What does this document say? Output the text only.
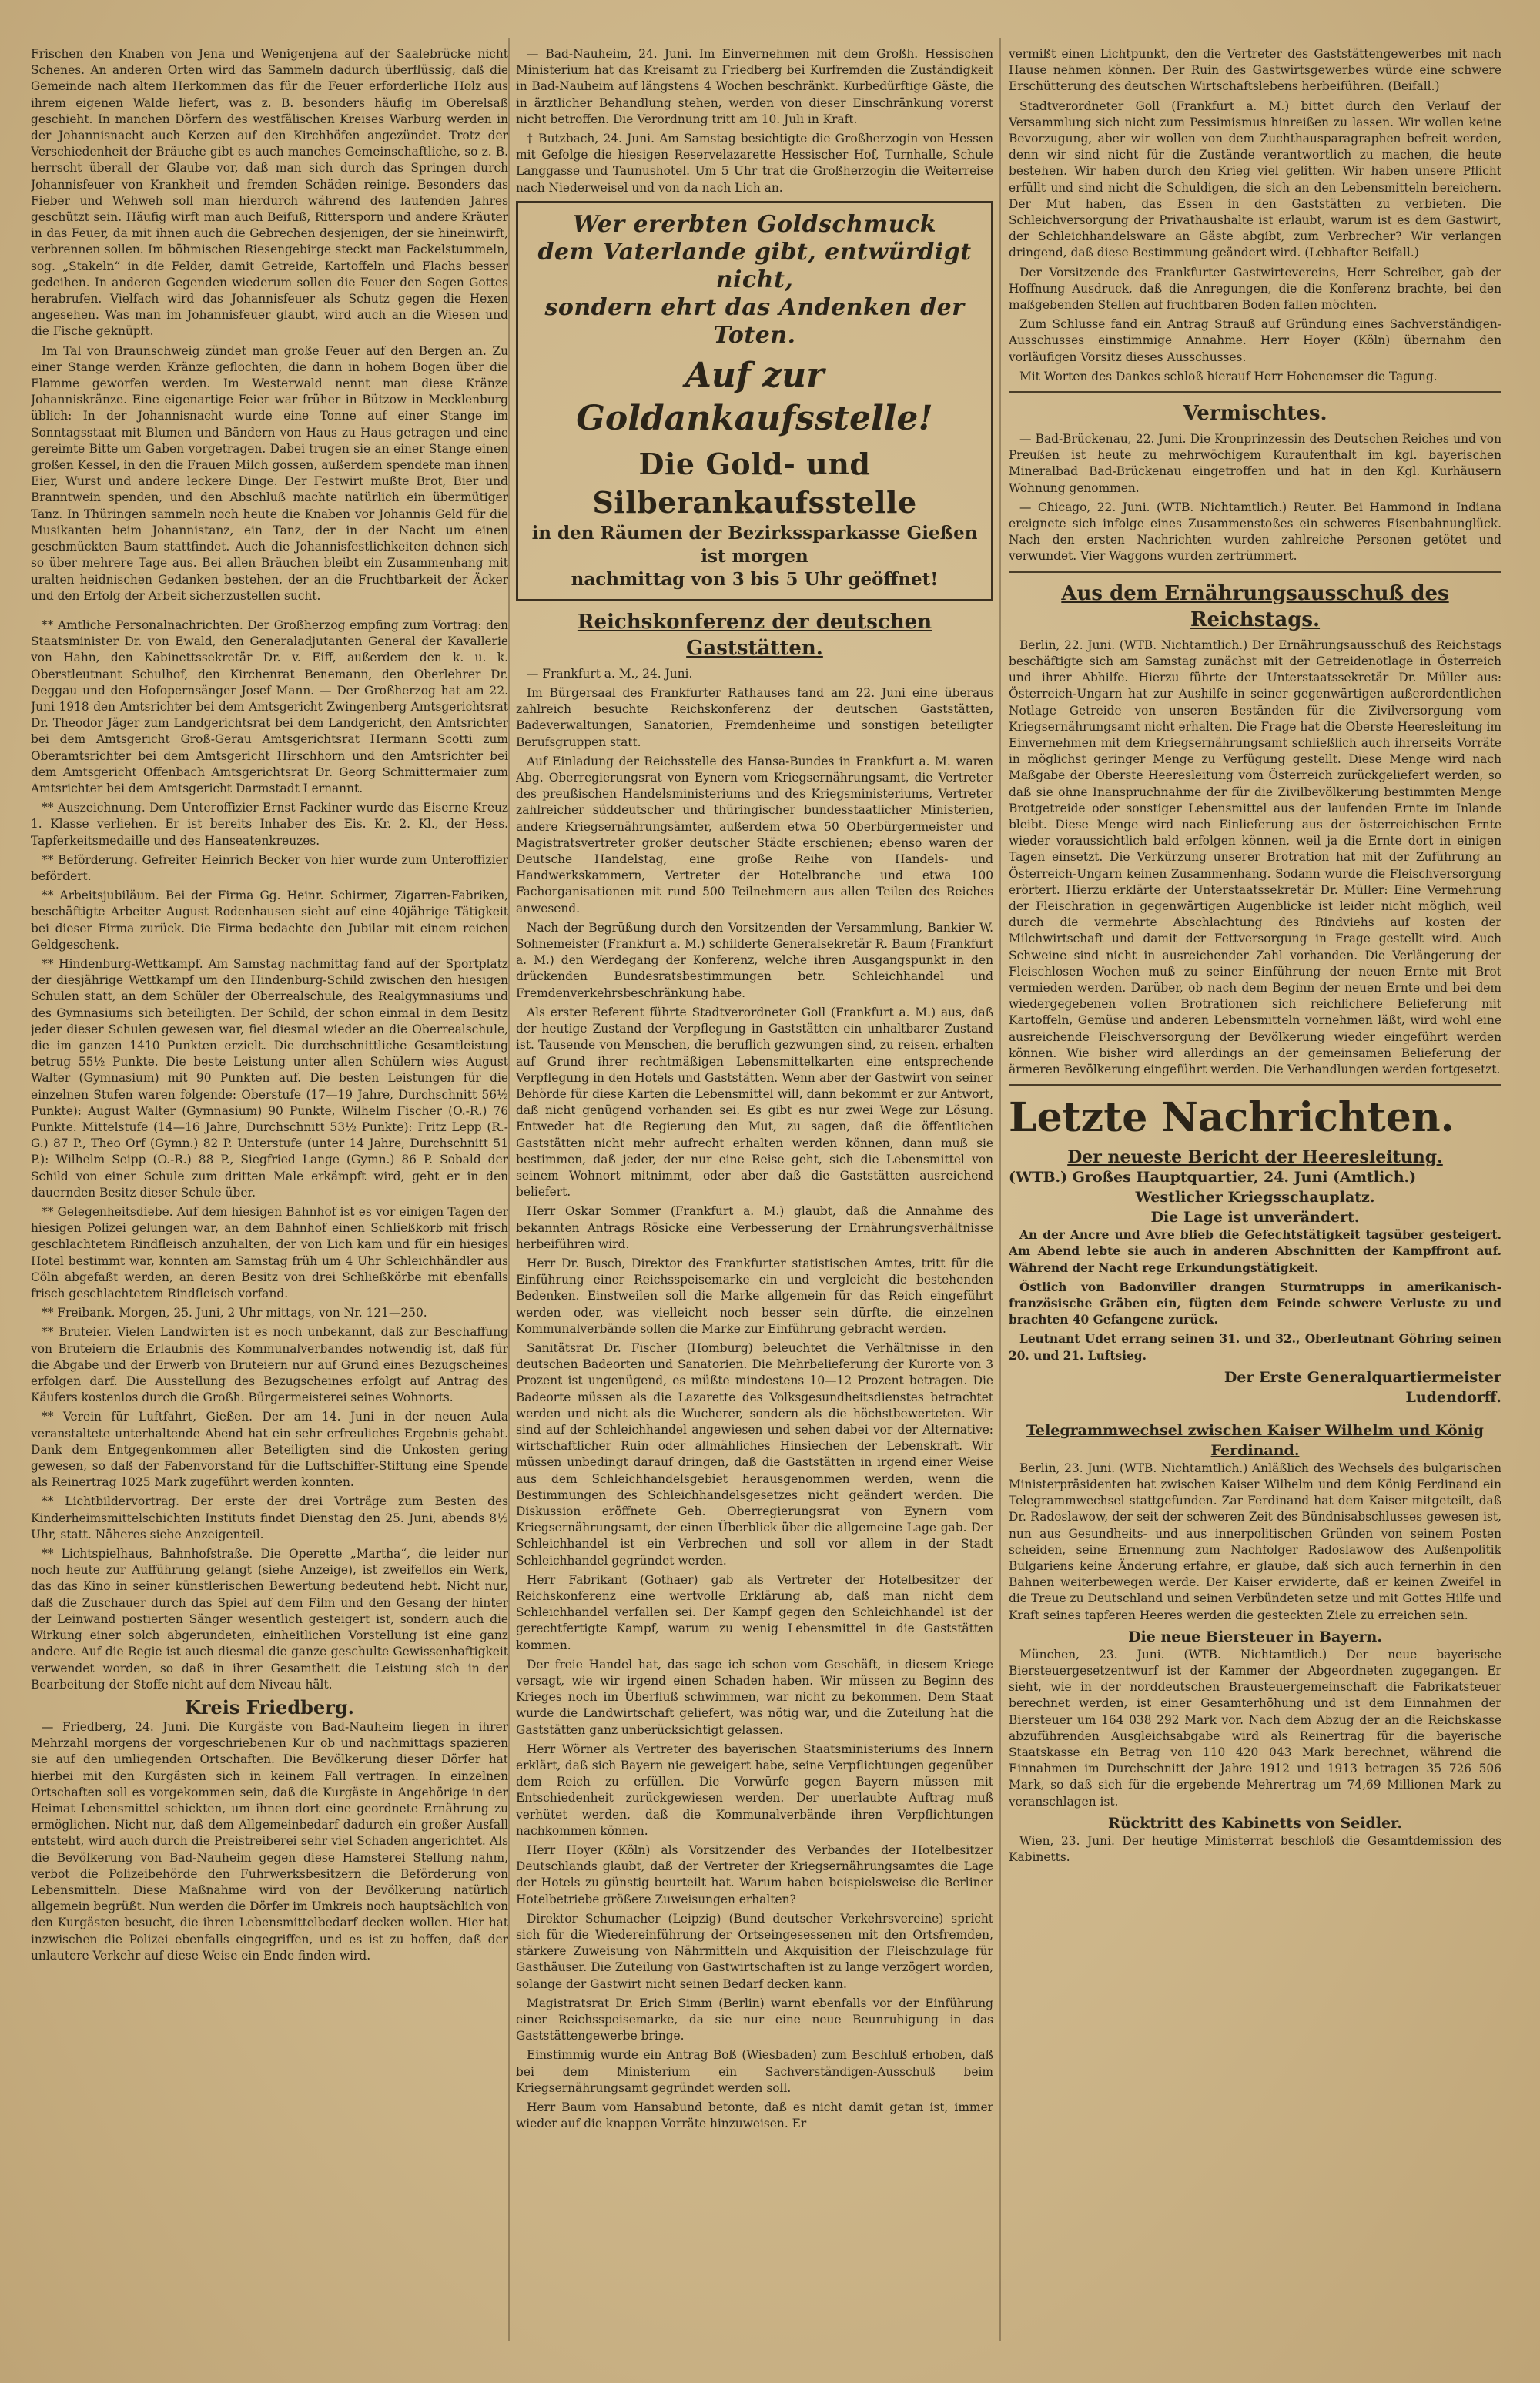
Frischen den Knaben von Jena und Wenigenjena auf der Saalebrücke nicht Schenes. An anderen Orten wird das Sammeln dadurch überflüssig, daß die Gemeinde nach altem Herkommen das für die Feuer erforderliche Holz aus ihrem eigenen Walde liefert, was z. B. besonders häufig im Oberelsaß geschieht. In manchen Dörfern des westfälischen Kreises Warburg werden in der Johannisnacht auch Kerzen auf den Kirchhöfen angezündet. Trotz der Verschiedenheit der Bräuche gibt es auch manches Gemeinschaftliche, so z. B. herrscht überall der Glaube vor, daß man sich durch das Springen durch Johannisfeuer von Krankheit und fremden Schäden reinige. Besonders das Fieber und Wehweh soll man hierdurch während des laufenden Jahres geschützt sein. Häufig wirft man auch Beifuß, Rittersporn und andere Kräuter in das Feuer, da mit ihnen auch die Gebrechen desjenigen, der sie hineinwirft, verbrennen sollen. Im böhmischen Riesengebirge steckt man Fackelstummeln, sog. „Stakeln“ in die Felder, damit Getreide, Kartoffeln und Flachs besser gedeihen. In anderen Gegenden wiederum sollen die Feuer den Segen Gottes herabrufen. Vielfach wird das Johannisfeuer als Schutz gegen die Hexen angesehen. Was man im Johannisfeuer glaubt, wird auch an die Wiesen und die Fische geknüpft.

Im Tal von Braunschweig zündet man große Feuer auf den Bergen an. Zu einer Stange werden Kränze geflochten, die dann in hohem Bogen über die Flamme geworfen werden. Im Westerwald nennt man diese Kränze Johanniskränze. Eine eigenartige Feier war früher in Bützow in Mecklenburg üblich: In der Johannisnacht wurde eine Tonne auf einer Stange im Sonntagsstaat mit Blumen und Bändern von Haus zu Haus getragen und eine gereimte Bitte um Gaben vorgetragen. Dabei trugen sie an einer Stange einen großen Kessel, in den die Frauen Milch gossen, außerdem spendete man ihnen Eier, Wurst und andere leckere Dinge. Der Festwirt mußte Brot, Bier und Branntwein spenden, und den Abschluß machte natürlich ein übermütiger Tanz. In Thüringen sammeln noch heute die Knaben vor Johannis Geld für die Musikanten beim Johannistanz, ein Tanz, der in der Nacht um einen geschmückten Baum stattfindet. Auch die Johannisfestlichkeiten dehnen sich so über mehrere Tage aus. Bei allen Bräuchen bleibt ein Zusammenhang mit uralten heidnischen Gedanken bestehen, der an die Fruchtbarkeit der Äcker und den Erfolg der Arbeit sicherzustellen sucht.

** Amtliche Personalnachrichten. Der Großherzog empfing zum Vortrag: den Staatsminister Dr. von Ewald, den Generaladjutanten General der Kavallerie von Hahn, den Kabinettssekretär Dr. v. Eiff, außerdem den k. u. k. Oberstleutnant Schulhof, den Kirchenrat Benemann, den Oberlehrer Dr. Deggau und den Hofopernsänger Josef Mann. — Der Großherzog hat am 22. Juni 1918 den Amtsrichter bei dem Amtsgericht Zwingenberg Amtsgerichtsrat Dr. Theodor Jäger zum Landgerichtsrat bei dem Landgericht, den Amtsrichter bei dem Amtsgericht Groß-Gerau Amtsgerichtsrat Hermann Scotti zum Oberamtsrichter bei dem Amtsgericht Hirschhorn und den Amtsrichter bei dem Amtsgericht Offenbach Amtsgerichtsrat Dr. Georg Schmittermaier zum Amtsrichter bei dem Amtsgericht Darmstadt I ernannt.

** Auszeichnung. Dem Unteroffizier Ernst Fackiner wurde das Eiserne Kreuz 1. Klasse verliehen. Er ist bereits Inhaber des Eis. Kr. 2. Kl., der Hess. Tapferkeitsmedaille und des Hanseatenkreuzes.

** Beförderung. Gefreiter Heinrich Becker von hier wurde zum Unteroffizier befördert.

** Arbeitsjubiläum. Bei der Firma Gg. Heinr. Schirmer, Zigarren-Fabriken, beschäftigte Arbeiter August Rodenhausen sieht auf eine 40jährige Tätigkeit bei dieser Firma zurück. Die Firma bedachte den Jubilar mit einem reichen Geldgeschenk.

** Hindenburg-Wettkampf. Am Samstag nachmittag fand auf der Sportplatz der diesjährige Wettkampf um den Hindenburg-Schild zwischen den hiesigen Schulen statt, an dem Schüler der Oberrealschule, des Realgymnasiums und des Gymnasiums sich beteiligten. Der Schild, der schon einmal in dem Besitz jeder dieser Schulen gewesen war, fiel diesmal wieder an die Oberrealschule, die im ganzen 1410 Punkten erzielt. Die durchschnittliche Gesamtleistung betrug 55½ Punkte. Die beste Leistung unter allen Schülern wies August Walter (Gymnasium) mit 90 Punkten auf. Die besten Leistungen für die einzelnen Stufen waren folgende: Oberstufe (17—19 Jahre, Durchschnitt 56½ Punkte): August Walter (Gymnasium) 90 Punkte, Wilhelm Fischer (O.-R.) 76 Punkte. Mittelstufe (14—16 Jahre, Durchschnitt 53½ Punkte): Fritz Lepp (R.-G.) 87 P., Theo Orf (Gymn.) 82 P. Unterstufe (unter 14 Jahre, Durchschnitt 51 P.): Wilhelm Seipp (O.-R.) 88 P., Siegfried Lange (Gymn.) 86 P. Sobald der Schild von einer Schule zum dritten Male erkämpft wird, geht er in den dauernden Besitz dieser Schule über.

** Gelegenheitsdiebe. Auf dem hiesigen Bahnhof ist es vor einigen Tagen der hiesigen Polizei gelungen war, an dem Bahnhof einen Schließkorb mit frisch geschlachtetem Rindfleisch anzuhalten, der von Lich kam und für ein hiesiges Hotel bestimmt war, konnten am Samstag früh um 4 Uhr Schleichhändler aus Cöln abgefaßt werden, an deren Besitz von drei Schließkörbe mit ebenfalls frisch geschlachtetem Rindfleisch vorfand.

** Freibank. Morgen, 25. Juni, 2 Uhr mittags, von Nr. 121—250.

** Bruteier. Vielen Landwirten ist es noch unbekannt, daß zur Beschaffung von Bruteiern die Erlaubnis des Kommunalverbandes notwendig ist, daß für die Abgabe und der Erwerb von Bruteiern nur auf Grund eines Bezugscheines erfolgen darf. Die Ausstellung des Bezugscheines erfolgt auf Antrag des Käufers kostenlos durch die Großh. Bürgermeisterei seines Wohnorts.

** Verein für Luftfahrt, Gießen. Der am 14. Juni in der neuen Aula veranstaltete unterhaltende Abend hat ein sehr erfreuliches Ergebnis gehabt. Dank dem Entgegenkommen aller Beteiligten sind die Unkosten gering gewesen, so daß der Fabenvorstand für die Luftschiffer-Stiftung eine Spende als Reinertrag 1025 Mark zugeführt werden konnten.

** Lichtbildervortrag. Der erste der drei Vorträge zum Besten des Kinderheimsmittelschichten Instituts findet Dienstag den 25. Juni, abends 8½ Uhr, statt. Näheres siehe Anzeigenteil.

** Lichtspielhaus, Bahnhofstraße. Die Operette „Martha“, die leider nur noch heute zur Aufführung gelangt (siehe Anzeige), ist zweifellos ein Werk, das das Kino in seiner künstlerischen Bewertung bedeutend hebt. Nicht nur, daß die Zuschauer durch das Spiel auf dem Film und den Gesang der hinter der Leinwand postierten Sänger wesentlich gesteigert ist, sondern auch die Wirkung einer solch abgerundeten, einheitlichen Vorstellung ist eine ganz andere. Auf die Regie ist auch diesmal die ganze geschulte Gewissenhaftigkeit verwendet worden, so daß in ihrer Gesamtheit die Leistung sich in der Bearbeitung der Stoffe nicht auf dem Niveau hält.

Kreis Friedberg.

— Friedberg, 24. Juni. Die Kurgäste von Bad-Nauheim liegen in ihrer Mehrzahl morgens der vorgeschriebenen Kur ob und nachmittags spazieren sie auf den umliegenden Ortschaften. Die Bevölkerung dieser Dörfer hat hierbei mit den Kurgästen sich in keinem Fall vertragen. In einzelnen Ortschaften soll es vorgekommen sein, daß die Kurgäste in Angehörige in der Heimat Lebensmittel schickten, um ihnen dort eine geordnete Ernährung zu ermöglichen. Nicht nur, daß dem Allgemeinbedarf dadurch ein großer Ausfall entsteht, wird auch durch die Preistreiberei sehr viel Schaden angerichtet. Als die Bevölkerung von Bad-Nauheim gegen diese Hamsterei Stellung nahm, verbot die Polizeibehörde den Fuhrwerksbesitzern die Beförderung von Lebensmitteln. Diese Maßnahme wird von der Bevölkerung natürlich allgemein begrüßt. Nun werden die Dörfer im Umkreis noch hauptsächlich von den Kurgästen besucht, die ihren Lebensmittelbedarf decken wollen. Hier hat inzwischen die Polizei ebenfalls eingegriffen, und es ist zu hoffen, daß der unlautere Verkehr auf diese Weise ein Ende finden wird.

— Bad-Nauheim, 24. Juni. Im Einvernehmen mit dem Großh. Hessischen Ministerium hat das Kreisamt zu Friedberg bei Kurfremden die Zuständigkeit in Bad-Nauheim auf längstens 4 Wochen beschränkt. Kurbedürftige Gäste, die in ärztlicher Behandlung stehen, werden von dieser Einschränkung vorerst nicht betroffen. Die Verordnung tritt am 10. Juli in Kraft.

† Butzbach, 24. Juni. Am Samstag besichtigte die Großherzogin von Hessen mit Gefolge die hiesigen Reservelazarette Hessischer Hof, Turnhalle, Schule Langgasse und Taunushotel. Um 5 Uhr trat die Großherzogin die Weiterreise nach Niederweisel und von da nach Lich an.

Wer ererbten Goldschmuck
dem Vaterlande gibt, entwürdigt nicht,
sondern ehrt das Andenken der Toten.
Auf zur Goldankaufsstelle!
Die Gold- und Silberankaufsstelle
in den Räumen der Bezirkssparkasse Gießen ist morgen
nachmittag von 3 bis 5 Uhr geöffnet!
Reichskonferenz der deutschen Gaststätten.

— Frankfurt a. M., 24. Juni.

Im Bürgersaal des Frankfurter Rathauses fand am 22. Juni eine überaus zahlreich besuchte Reichskonferenz der deutschen Gaststätten, Badeverwaltungen, Sanatorien, Fremdenheime und sonstigen beteiligter Berufsgruppen statt.

Auf Einladung der Reichsstelle des Hansa-Bundes in Frankfurt a. M. waren Abg. Oberregierungsrat von Eynern vom Kriegsernährungsamt, die Vertreter des preußischen Handelsministeriums und des Kriegsministeriums, Vertreter zahlreicher süddeutscher und thüringischer bundesstaatlicher Ministerien, andere Kriegsernährungsämter, außerdem etwa 50 Oberbürgermeister und Magistratsvertreter großer deutscher Städte erschienen; ebenso waren der Deutsche Handelstag, eine große Reihe von Handels- und Handwerkskammern, Vertreter der Hotelbranche und etwa 100 Fachorganisationen mit rund 500 Teilnehmern aus allen Teilen des Reiches anwesend.

Nach der Begrüßung durch den Vorsitzenden der Versammlung, Bankier W. Sohnemeister (Frankfurt a. M.) schilderte Generalsekretär R. Baum (Frankfurt a. M.) den Werdegang der Konferenz, welche ihren Ausgangspunkt in den drückenden Bundesratsbestimmungen betr. Schleichhandel und Fremdenverkehrsbeschränkung habe.

Als erster Referent führte Stadtverordneter Goll (Frankfurt a. M.) aus, daß der heutige Zustand der Verpflegung in Gaststätten ein unhaltbarer Zustand ist. Tausende von Menschen, die beruflich gezwungen sind, zu reisen, erhalten auf Grund ihrer rechtmäßigen Lebensmittelkarten eine entsprechende Verpflegung in den Hotels und Gaststätten. Wenn aber der Gastwirt von seiner Behörde für diese Karten die Lebensmittel will, dann bekommt er zur Antwort, daß nicht genügend vorhanden sei. Es gibt es nur zwei Wege zur Lösung. Entweder hat die Regierung den Mut, zu sagen, daß die öffentlichen Gaststätten nicht mehr aufrecht erhalten werden können, dann muß sie bestimmen, daß jeder, der nur eine Reise geht, sich die Lebensmittel von seinem Wohnort mitnimmt, oder aber daß die Gaststätten ausreichend beliefert.

Herr Oskar Sommer (Frankfurt a. M.) glaubt, daß die Annahme des bekannten Antrags Rösicke eine Verbesserung der Ernährungsverhältnisse herbeiführen wird.

Herr Dr. Busch, Direktor des Frankfurter statistischen Amtes, tritt für die Einführung einer Reichsspeisemarke ein und vergleicht die bestehenden Bedenken. Einstweilen soll die Marke allgemein für das Reich eingeführt werden oder, was vielleicht noch besser sein dürfte, die einzelnen Kommunalverbände sollen die Marke zur Einführung gebracht werden.

Sanitätsrat Dr. Fischer (Homburg) beleuchtet die Verhältnisse in den deutschen Badeorten und Sanatorien. Die Mehrbelieferung der Kurorte von 3 Prozent ist ungenügend, es müßte mindestens 10—12 Prozent betragen. Die Badeorte müssen als die Lazarette des Volksgesundheitsdienstes betrachtet werden und nicht als die Wucherer, sondern als die höchstbewerteten. Wir sind auf der Schleichhandel angewiesen und sehen dabei vor der Alternative: wirtschaftlicher Ruin oder allmähliches Hinsiechen der Lebenskraft. Wir müssen unbedingt darauf dringen, daß die Gaststätten in irgend einer Weise aus dem Schleichhandelsgebiet herausgenommen werden, wenn die Bestimmungen des Schleichhandelsgesetzes nicht geändert werden. Die Diskussion eröffnete Geh. Oberregierungsrat von Eynern vom Kriegsernährungsamt, der einen Überblick über die allgemeine Lage gab. Der Schleichhandel ist ein Verbrechen und soll vor allem in der Stadt Schleichhandel gegründet werden.

Herr Fabrikant (Gothaer) gab als Vertreter der Hotelbesitzer der Reichskonferenz eine wertvolle Erklärung ab, daß man nicht dem Schleichhandel verfallen sei. Der Kampf gegen den Schleichhandel ist der gerechtfertigte Kampf, warum zu wenig Lebensmittel in die Gaststätten kommen.

Der freie Handel hat, das sage ich schon vom Geschäft, in diesem Kriege versagt, wie wir irgend einen Schaden haben. Wir müssen zu Beginn des Krieges noch im Überfluß schwimmen, war nicht zu bekommen. Dem Staat wurde die Landwirtschaft geliefert, was nötig war, und die Zuteilung hat die Gaststätten ganz unberücksichtigt gelassen.

Herr Wörner als Vertreter des bayerischen Staatsministeriums des Innern erklärt, daß sich Bayern nie geweigert habe, seine Verpflichtungen gegenüber dem Reich zu erfüllen. Die Vorwürfe gegen Bayern müssen mit Entschiedenheit zurückgewiesen werden. Der unerlaubte Auftrag muß verhütet werden, daß die Kommunalverbände ihren Verpflichtungen nachkommen können.

Herr Hoyer (Köln) als Vorsitzender des Verbandes der Hotelbesitzer Deutschlands glaubt, daß der Vertreter der Kriegsernährungsamtes die Lage der Hotels zu günstig beurteilt hat. Warum haben beispielsweise die Berliner Hotelbetriebe größere Zuweisungen erhalten?

Direktor Schumacher (Leipzig) (Bund deutscher Verkehrsvereine) spricht sich für die Wiedereinführung der Ortseingesessenen mit den Ortsfremden, stärkere Zuweisung von Nährmitteln und Akquisition der Fleischzulage für Gasthäuser. Die Zuteilung von Gastwirtschaften ist zu lange verzögert worden, solange der Gastwirt nicht seinen Bedarf decken kann.

Magistratsrat Dr. Erich Simm (Berlin) warnt ebenfalls vor der Einführung einer Reichsspeisemarke, da sie nur eine neue Beunruhigung in das Gaststättengewerbe bringe.

Einstimmig wurde ein Antrag Boß (Wiesbaden) zum Beschluß erhoben, daß bei dem Ministerium ein Sachverständigen-Ausschuß beim Kriegsernährungsamt gegründet werden soll.

Herr Baum vom Hansabund betonte, daß es nicht damit getan ist, immer wieder auf die knappen Vorräte hinzuweisen. Er

vermißt einen Lichtpunkt, den die Vertreter des Gaststättengewerbes mit nach Hause nehmen können. Der Ruin des Gastwirtsgewerbes würde eine schwere Erschütterung des deutschen Wirtschaftslebens herbeiführen. (Beifall.)

Stadtverordneter Goll (Frankfurt a. M.) bittet durch den Verlauf der Versammlung sich nicht zum Pessimismus hinreißen zu lassen. Wir wollen keine Bevorzugung, aber wir wollen von dem Zuchthausparagraphen befreit werden, denn wir sind nicht für die Zustände verantwortlich zu machen, die heute bestehen. Wir haben durch den Krieg viel gelitten. Wir haben unsere Pflicht erfüllt und sind nicht die Schuldigen, die sich an den Lebensmitteln bereichern. Der Mut haben, das Essen in den Gaststätten zu verbieten. Die Schleichversorgung der Privathaushalte ist erlaubt, warum ist es dem Gastwirt, der Schleichhandelsware an Gäste abgibt, zum Verbrecher? Wir verlangen dringend, daß diese Bestimmung geändert wird. (Lebhafter Beifall.)

Der Vorsitzende des Frankfurter Gastwirtevereins, Herr Schreiber, gab der Hoffnung Ausdruck, daß die Anregungen, die die Konferenz brachte, bei den maßgebenden Stellen auf fruchtbaren Boden fallen möchten.

Zum Schlusse fand ein Antrag Strauß auf Gründung eines Sachverständigen-Ausschusses einstimmige Annahme. Herr Hoyer (Köln) übernahm den vorläufigen Vorsitz dieses Ausschusses.

Mit Worten des Dankes schloß hierauf Herr Hohenemser die Tagung.

Vermischtes.

— Bad-Brückenau, 22. Juni. Die Kronprinzessin des Deutschen Reiches und von Preußen ist heute zu mehrwöchigem Kuraufenthalt im kgl. bayerischen Mineralbad Bad-Brückenau eingetroffen und hat in den Kgl. Kurhäusern Wohnung genommen.

— Chicago, 22. Juni. (WTB. Nichtamtlich.) Reuter. Bei Hammond in Indiana ereignete sich infolge eines Zusammenstoßes ein schweres Eisenbahnunglück. Nach den ersten Nachrichten wurden zahlreiche Personen getötet und verwundet. Vier Waggons wurden zertrümmert.

Aus dem Ernährungsausschuß des Reichstags.

Berlin, 22. Juni. (WTB. Nichtamtlich.) Der Ernährungsausschuß des Reichstags beschäftigte sich am Samstag zunächst mit der Getreidenotlage in Österreich und ihrer Abhilfe. Hierzu führte der Unterstaatssekretär Dr. Müller aus: Österreich-Ungarn hat zur Aushilfe in seiner gegenwärtigen außerordentlichen Notlage Getreide von unseren Beständen für die Zivilversorgung vom Kriegsernährungsamt nicht erhalten. Die Frage hat die Oberste Heeresleitung im Einvernehmen mit dem Kriegsernährungsamt schließlich auch ihrerseits Vorräte in möglichst geringer Menge zu Verfügung gestellt. Diese Menge wird nach Maßgabe der Oberste Heeresleitung vom Österreich zurückgeliefert werden, so daß sie ohne Inanspruchnahme der für die Zivilbevölkerung bestimmten Menge Brotgetreide oder sonstiger Lebensmittel aus der laufenden Ernte im Inlande bleibt. Diese Menge wird nach Einlieferung aus der österreichischen Ernte wieder voraussichtlich bald erfolgen können, weil ja die Ernte dort in einigen Tagen einsetzt. Die Verkürzung unserer Brotration hat mit der Zuführung an Österreich-Ungarn keinen Zusammenhang. Sodann wurde die Fleischversorgung erörtert. Hierzu erklärte der Unterstaatssekretär Dr. Müller: Eine Vermehrung der Fleischration in gegenwärtigen Augenblicke ist leider nicht möglich, weil durch die vermehrte Abschlachtung des Rindviehs auf kosten der Milchwirtschaft und damit der Fettversorgung in Frage gestellt wird. Auch Schweine sind nicht in ausreichender Zahl vorhanden. Die Verlängerung der Fleischlosen Wochen muß zu seiner Einführung der neuen Ernte mit Brot vermieden werden. Darüber, ob nach dem Beginn der neuen Ernte und bei dem wiedergegebenen vollen Brotrationen sich reichlichere Belieferung mit Kartoffeln, Gemüse und anderen Lebensmitteln vornehmen läßt, wird wohl eine ausreichende Fleischversorgung der Bevölkerung wieder eingeführt werden können. Wie bisher wird allerdings an der gemeinsamen Belieferung der ärmeren Bevölkerung eingeführt werden. Die Verhandlungen werden fortgesetzt.

Letzte Nachrichten.
Der neueste Bericht der Heeresleitung.
(WTB.) Großes Hauptquartier, 24. Juni (Amtlich.)
Westlicher Kriegsschauplatz.
Die Lage ist unverändert.

An der Ancre und Avre blieb die Gefechtstätigkeit tagsüber gesteigert. Am Abend lebte sie auch in anderen Abschnitten der Kampffront auf. Während der Nacht rege Erkundungstätigkeit.

Östlich von Badonviller drangen Sturmtrupps in amerikanisch-französische Gräben ein, fügten dem Feinde schwere Verluste zu und brachten 40 Gefangene zurück.

Leutnant Udet errang seinen 31. und 32., Oberleutnant Göhring seinen 20. und 21. Luftsieg.

Der Erste Generalquartiermeister
Ludendorff.
Telegrammwechsel zwischen Kaiser Wilhelm und König Ferdinand.

Berlin, 23. Juni. (WTB. Nichtamtlich.) Anläßlich des Wechsels des bulgarischen Ministerpräsidenten hat zwischen Kaiser Wilhelm und dem König Ferdinand ein Telegrammwechsel stattgefunden. Zar Ferdinand hat dem Kaiser mitgeteilt, daß Dr. Radoslawow, der seit der schweren Zeit des Bündnisabschlusses gewesen ist, nun aus Gesundheits- und aus innerpolitischen Gründen von seinem Posten scheiden, seine Ernennung zum Nachfolger Radoslawow des Außenpolitik Bulgariens keine Änderung erfahre, er glaube, daß sich auch fernerhin in den Bahnen weiterbewegen werde. Der Kaiser erwiderte, daß er keinen Zweifel in die Treue zu Deutschland und seinen Verbündeten setze und mit Gottes Hilfe und Kraft seines tapferen Heeres werden die gesteckten Ziele zu erreichen sein.

Die neue Biersteuer in Bayern.

München, 23. Juni. (WTB. Nichtamtlich.) Der neue bayerische Biersteuergesetzentwurf ist der Kammer der Abgeordneten zugegangen. Er sieht, wie in der norddeutschen Brausteuergemeinschaft die Fabrikatsteuer berechnet werden, ist einer Gesamterhöhung und ist dem Einnahmen der Biersteuer um 164 038 292 Mark vor. Nach dem Abzug der an die Reichskasse abzuführenden Ausgleichsabgabe wird als Reinertrag für die bayerische Staatskasse ein Betrag von 110 420 043 Mark berechnet, während die Einnahmen im Durchschnitt der Jahre 1912 und 1913 betragen 35 726 506 Mark, so daß sich für die ergebende Mehrertrag um 74,69 Millionen Mark zu veranschlagen ist.

Rücktritt des Kabinetts von Seidler.

Wien, 23. Juni. Der heutige Ministerrat beschloß die Gesamtdemission des Kabinetts.
